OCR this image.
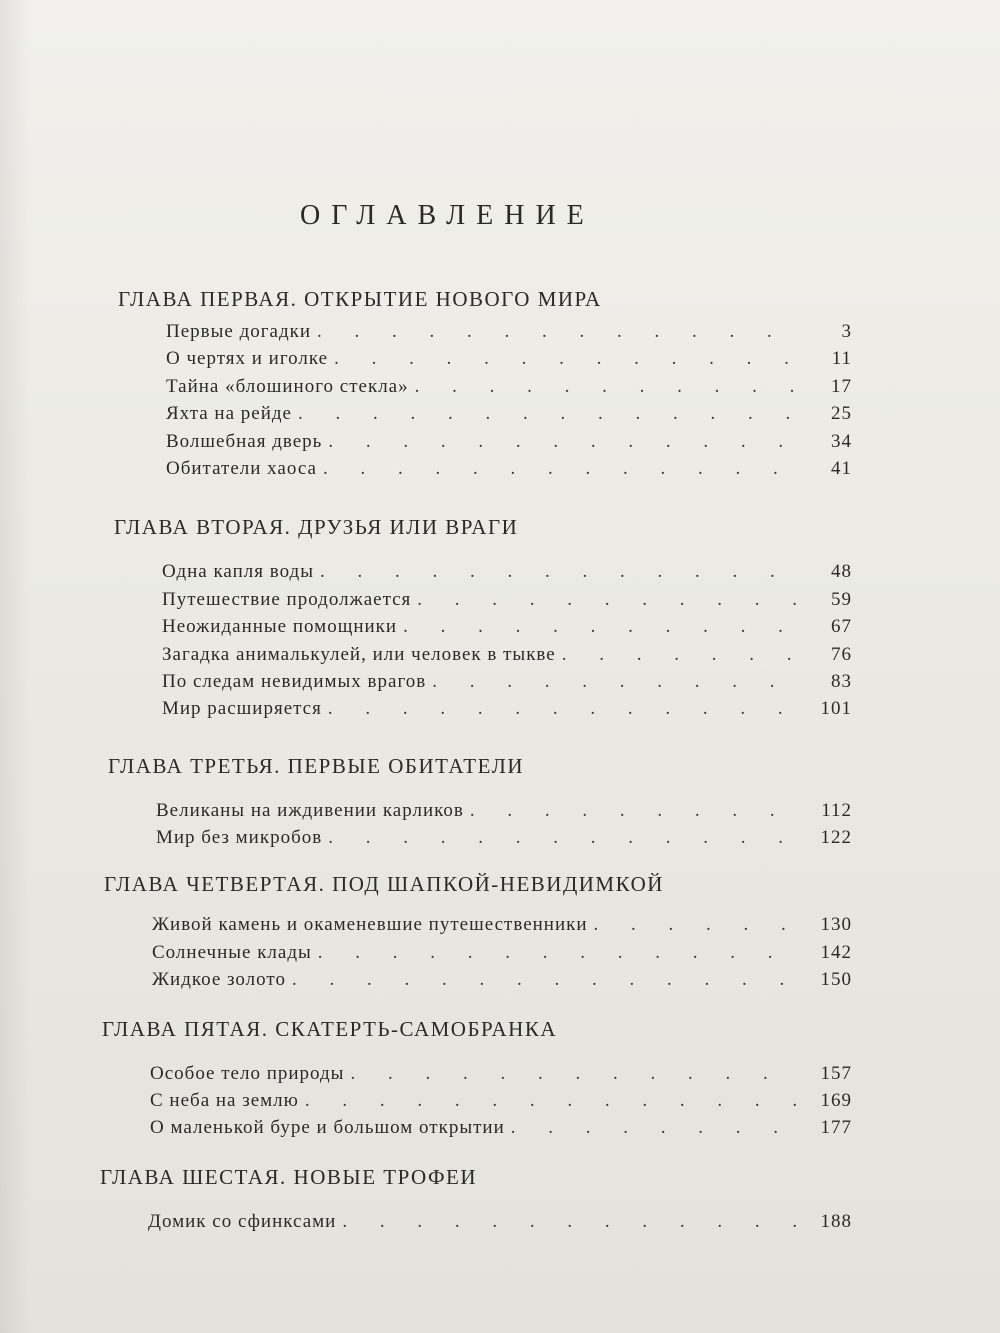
ОГЛАВЛЕНИЕ
ГЛАВА ПЕРВАЯ. ОТКРЫТИЕ НОВОГО МИРА
Первые догадки . . .	3
О чертях и иголке . . .	11
Тайна «блошиного стекла» . . .	17
Яхта на рейде . . .	25
Волшебная дверь . . .	34
Обитатели хаоса . . .	41
ГЛАВА ВТОРАЯ. ДРУЗЬЯ ИЛИ ВРАГИ
Одна капля воды . . .	48
Путешествие продолжается . . .	59
Неожиданные помощники . . .	67
Загадка анималькулей, или человек в тыкве . . .	76
По следам невидимых врагов . . .	83
Мир расширяется . . .	101
ГЛАВА ТРЕТЬЯ. ПЕРВЫЕ ОБИТАТЕЛИ
Великаны на иждивении карликов . . .	112
Мир без микробов . . .	122
ГЛАВА ЧЕТВЕРТАЯ. ПОД ШАПКОЙ-НЕВИДИМКОЙ
Живой камень и окаменевшие путешественники . . .	130
Солнечные клады . . .	142
Жидкое золото . . .	150
ГЛАВА ПЯТАЯ. СКАТЕРТЬ-САМОБРАНКА
Особое тело природы . . .	157
С неба на землю . . .	169
О маленькой буре и большом открытии . . .	177
ГЛАВА ШЕСТАЯ. НОВЫЕ ТРОФЕИ
Домик со сфинксами . . .	188
